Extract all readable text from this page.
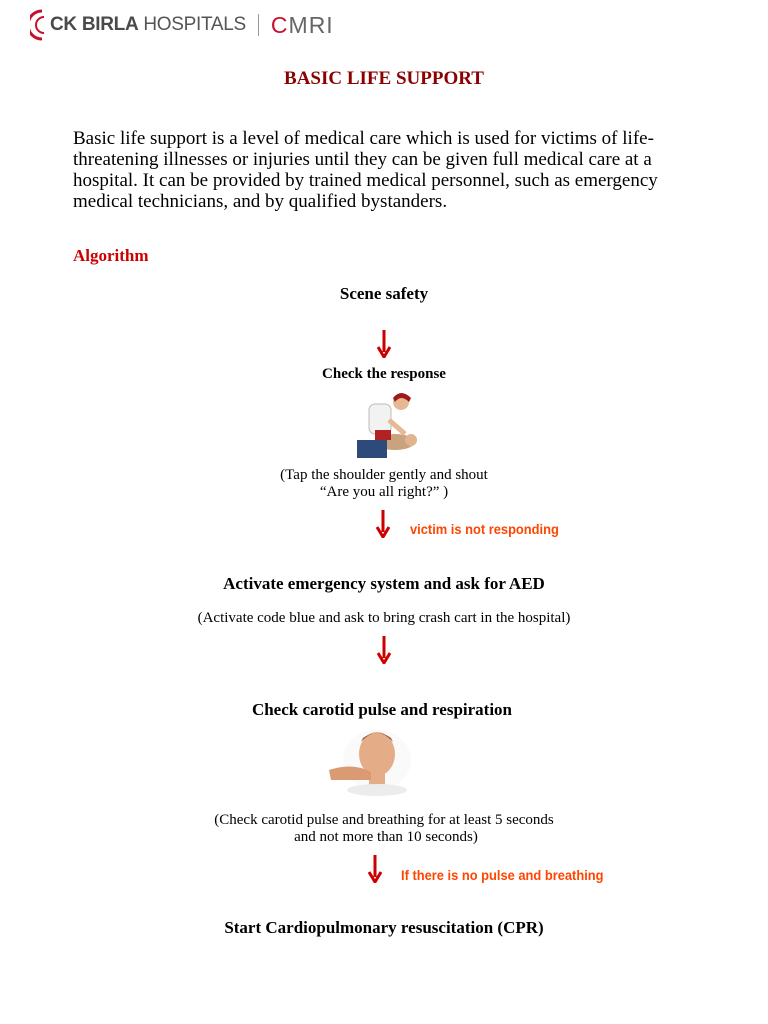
CK BIRLA HOSPITALS CMRI
BASIC LIFE SUPPORT
Basic life support is a level of medical care which is used for victims of life-threatening illnesses or injuries until they can be given full medical care at a hospital. It can be provided by trained medical personnel, such as emergency medical technicians, and by qualified bystanders.
Algorithm
Scene safety
Check the response
(Tap the shoulder gently and shout
“Are you all right?” )
victim is not responding
Activate emergency system and ask for AED
(Activate code blue and ask to bring crash cart in the hospital)
Check carotid pulse and respiration
(Check carotid pulse and breathing for at least 5 seconds
and not more than 10 seconds)
If there is no pulse and breathing
Start Cardiopulmonary resuscitation (CPR)
